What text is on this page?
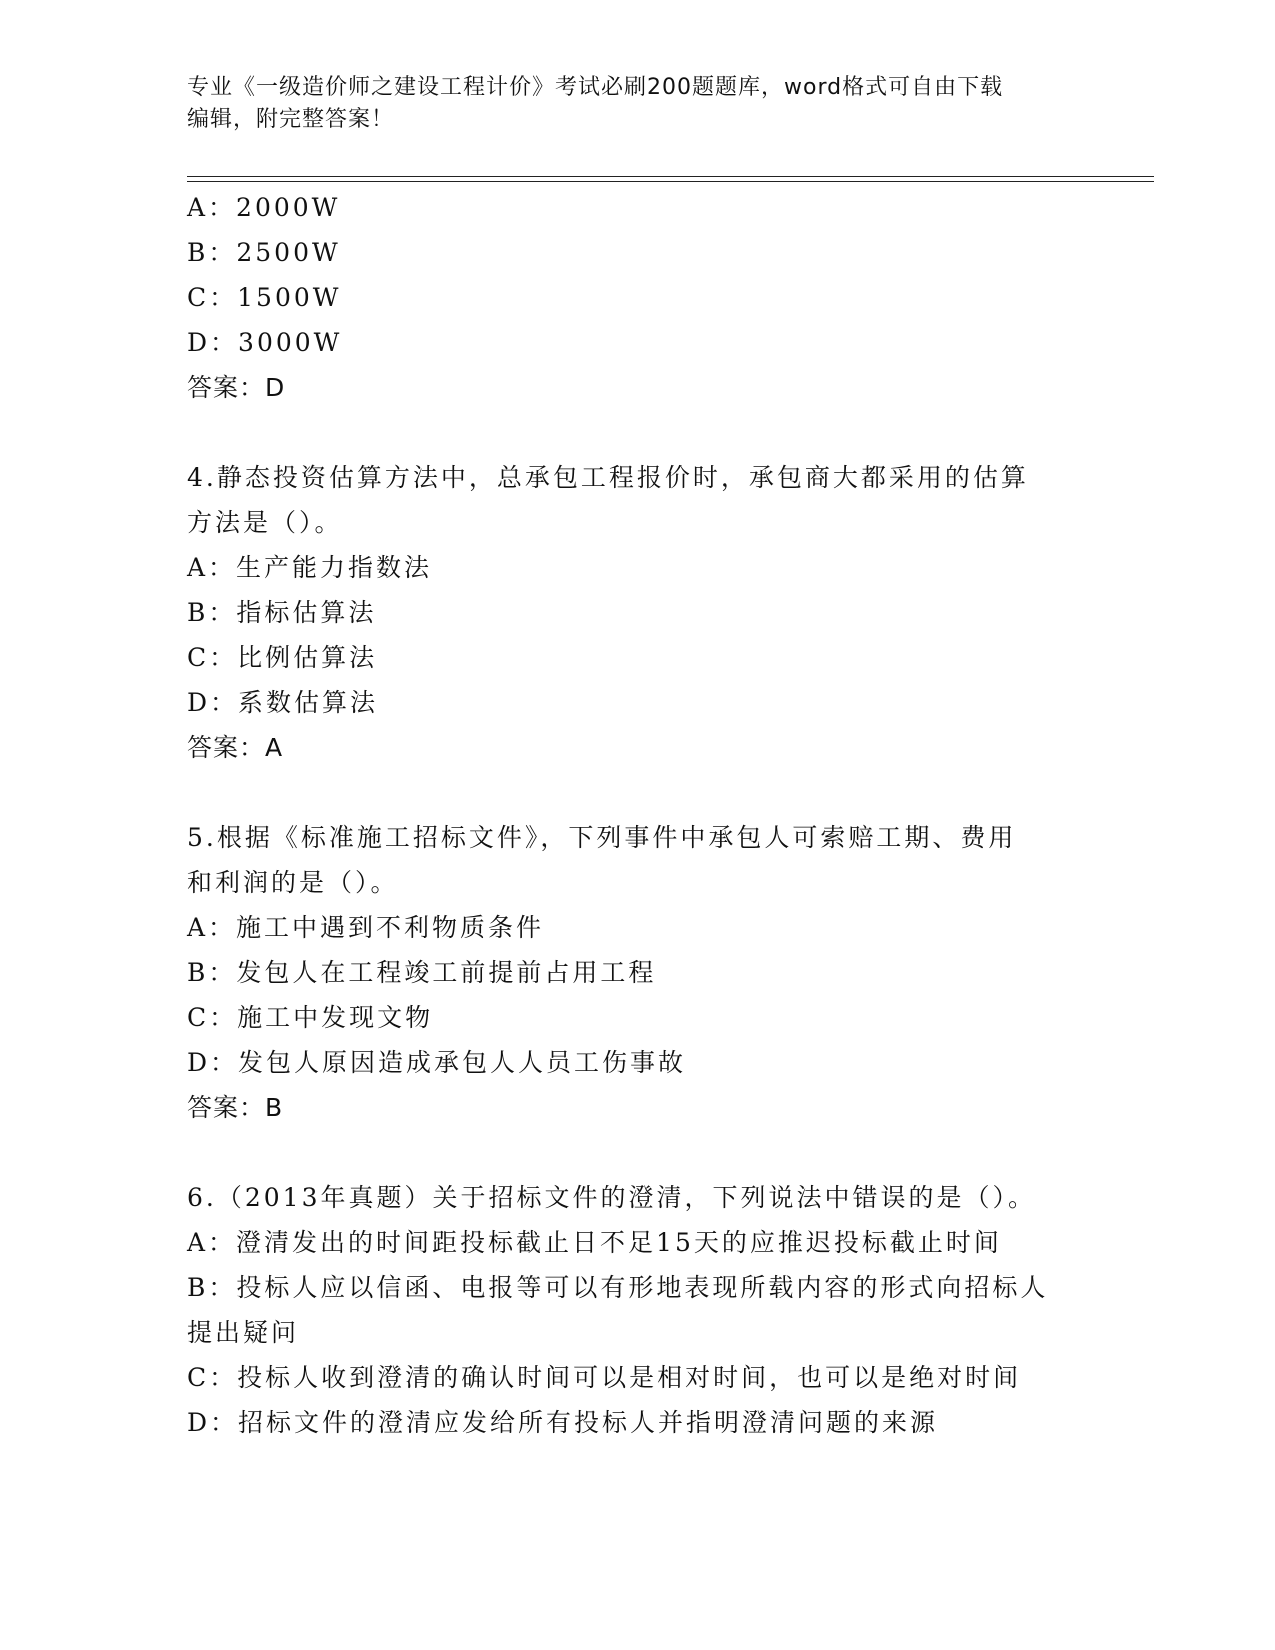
专业《一级造价师之建设工程计价》考试必刷200题题库，word格式可自由下载
编辑，附完整答案！
A：2000W
B：2500W
C：1500W
D：3000W
答案：D
4.静态投资估算方法中，总承包工程报价时，承包商大都采用的估算
方法是（）。
A：生产能力指数法
B：指标估算法
C：比例估算法
D：系数估算法
答案：A
5.根据《标准施工招标文件》，下列事件中承包人可索赔工期、费用
和利润的是（）。
A：施工中遇到不利物质条件
B：发包人在工程竣工前提前占用工程
C：施工中发现文物
D：发包人原因造成承包人人员工伤事故
答案：B
6.（2013年真题）关于招标文件的澄清，下列说法中错误的是（）。
A：澄清发出的时间距投标截止日不足15天的应推迟投标截止时间
B：投标人应以信函、电报等可以有形地表现所载内容的形式向招标人
提出疑问
C：投标人收到澄清的确认时间可以是相对时间，也可以是绝对时间
D：招标文件的澄清应发给所有投标人并指明澄清问题的来源
